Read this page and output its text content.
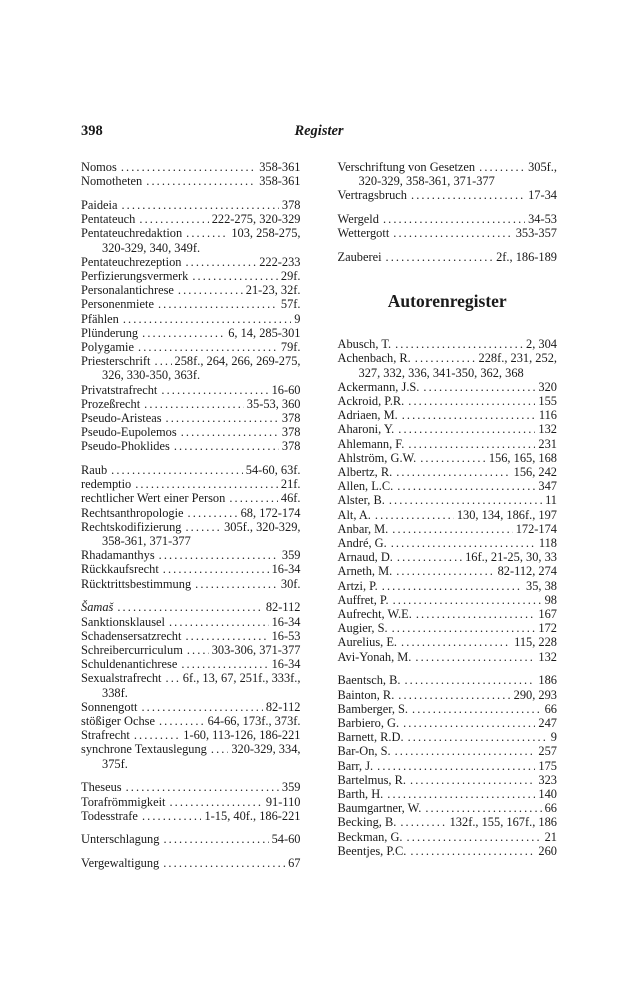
398	Register
Nomos .....	358-361
Nomotheten .....	358-361
Paideia .....	378
Pentateuch .....	222-275, 320-329
Pentateuchredaktion .....	103, 258-275,
320-329, 340, 349f.
Pentateuchrezeption .....	222-233
Perfizierungsvermerk .....	29f.
Personalantichrese .....	21-23, 32f.
Personenmiete .....	57f.
Pfählen .....	9
Plünderung .....	6, 14, 285-301
Polygamie .....	79f.
Priesterschrift ..... 258f., 264, 266, 269-275,
326, 330-350, 363f.
Privatstrafrecht .....	16-60
Prozeßrecht .....	35-53, 360
Pseudo-Aristeas .....	378
Pseudo-Eupolemos .....	378
Pseudo-Phoklides .....	378
Raub .....	54-60, 63f.
redemptio .....	21f.
rechtlicher Wert einer Person .....	46f.
Rechtsanthropologie .....	68, 172-174
Rechtskodifizierung .....	305f., 320-329,
358-361, 371-377
Rhadamanthys .....	359
Rückkaufsrecht .....	16-34
Rücktrittsbestimmung .....	30f.
Šamaš .....	82-112
Sanktionsklausel .....	16-34
Schadensersatzrecht .....	16-53
Schreibercurriculum ..... 303-306, 371-377
Schuldenantichrese .....	16-34
Sexualstrafrecht ..... 6f., 13, 67, 251f., 333f.,
338f.
Sonnengott .....	82-112
stößiger Ochse .....	64-66, 173f., 373f.
Strafrecht .....	1-60, 113-126, 186-221
synchrone Textauslegung ..... 320-329, 334,
375f.
Theseus .....	359
Torafrömmigkeit .....	91-110
Todesstrafe .....	1-15, 40f., 186-221
Unterschlagung .....	54-60
Vergewaltigung .....	67
Verschriftung von Gesetzen .....	305f.,
320-329, 358-361, 371-377
Vertragsbruch .....	17-34
Wergeld .....	34-53
Wettergott .....	353-357
Zauberei .....	2f., 186-189
Autorenregister
Abusch, T. .....	2, 304
Achenbach, R. .....	228f., 231, 252,
327, 332, 336, 341-350, 362, 368
Ackermann, J.S. .....	320
Ackroid, P.R. .....	155
Adriaen, M. .....	116
Aharoni, Y. .....	132
Ahlemann, F. .....	231
Ahlström, G.W. .....	156, 165, 168
Albertz, R. .....	156, 242
Allen, L.C. .....	347
Alster, B. .....	11
Alt, A. .....	130, 134, 186f., 197
Anbar, M. .....	172-174
André, G. .....	118
Arnaud, D. .....	16f., 21-25, 30, 33
Arneth, M. .....	82-112, 274
Artzi, P. .....	35, 38
Auffret, P. .....	98
Aufrecht, W.E. .....	167
Augier, S. .....	172
Aurelius, E. .....	115, 228
Avi-Yonah, M. .....	132
Baentsch, B. .....	186
Bainton, R. .....	290, 293
Bamberger, S. .....	66
Barbiero, G. .....	247
Barnett, R.D. .....	9
Bar-On, S. .....	257
Barr, J. .....	175
Bartelmus, R. .....	323
Barth, H. .....	140
Baumgartner, W. .....	66
Becking, B. .....	132f., 155, 167f., 186
Beckman, G. .....	21
Beentjes, P.C. .....	260
